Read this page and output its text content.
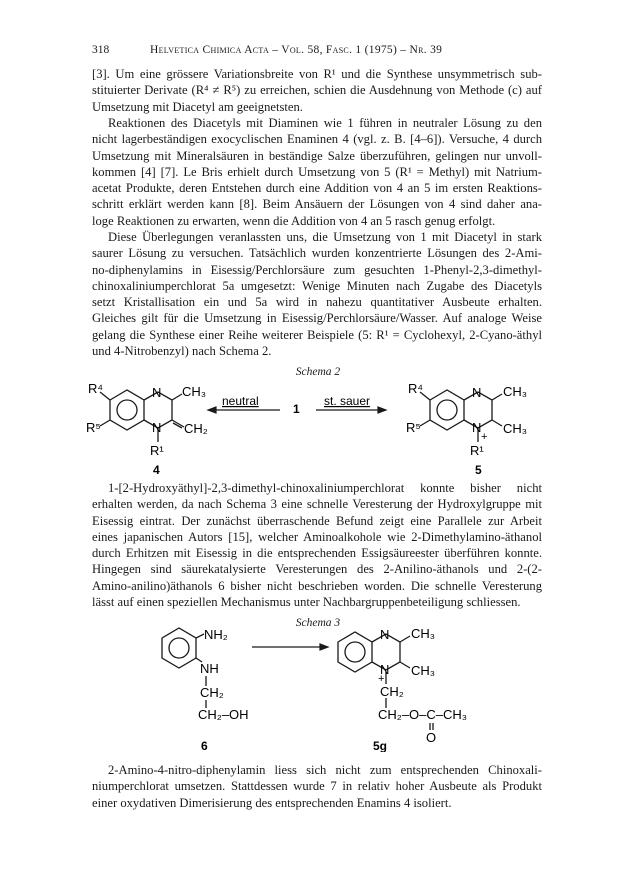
318	Helvetica Chimica Acta – Vol. 58, Fasc. 1 (1975) – Nr. 39
[3]. Um eine grössere Variationsbreite von R¹ und die Synthese unsymmetrisch sub-
stituierter Derivate (R⁴ ≠ R⁵) zu erreichen, schien die Ausdehnung von Methode (c) auf
Umsetzung mit Diacetyl am geeignetsten.
Reaktionen des Diacetyls mit Diaminen wie 1 führen in neutraler Lösung zu den
nicht lagerbeständigen exocyclischen Enaminen 4 (vgl. z. B. [4–6]). Versuche, 4 durch
Umsetzung mit Mineralsäuren in beständige Salze überzuführen, gelingen nur unvoll-
kommen [4] [7]. Le Bris erhielt durch Umsetzung von 5 (R¹ = Methyl) mit Natrium-
acetat Produkte, deren Entstehen durch eine Addition von 4 an 5 im ersten Reaktions-
schritt erklärt werden kann [8]. Beim Ansäuern der Lösungen von 4 sind daher ana-
loge Reaktionen zu erwarten, wenn die Addition von 4 an 5 rasch genug erfolgt.
Diese Überlegungen veranlassten uns, die Umsetzung von 1 mit Diacetyl in stark
saurer Lösung zu versuchen. Tatsächlich wurden konzentrierte Lösungen des 2-Ami-
no-diphenylamins in Eisessig/Perchlorsäure zum gesuchten 1-Phenyl-2,3-dimethyl-
chinoxaliniumperchlorat 5a umgesetzt: Wenige Minuten nach Zugabe des Diacetyls
setzt Kristallisation ein und 5a wird in nahezu quantitativer Ausbeute erhalten.
Gleiches gilt für die Umsetzung in Eisessig/Perchlorsäure/Wasser. Auf analoge Weise
gelang die Synthese einer Reihe weiterer Beispiele (5: R¹ = Cyclohexyl, 2-Cyano-äthyl
und 4-Nitrobenzyl) nach Schema 2.
Schema 2
R⁴
R⁵
N
N
CH₃
CH₂
R¹
4
neutral
1
st. sauer
R⁴
R⁵
N
N
+
CH₃
CH₃
R¹
5
1-[2-Hydroxyäthyl]-2,3-dimethyl-chinoxaliniumperchlorat konnte bisher nicht
erhalten werden, da nach Schema 3 eine schnelle Veresterung der Hydroxylgruppe mit
Eisessig eintrat. Der zunächst überraschende Befund zeigt eine Parallele zur Arbeit
eines japanischen Autors [15], welcher Aminoalkohole wie 2-Dimethylamino-äthanol
durch Erhitzen mit Eisessig in die entsprechenden Essigsäureester überführen konnte.
Hingegen sind säurekatalysierte Veresterungen des 2-Anilino-äthanols und 2-(2-
Amino-anilino)äthanols 6 bisher nicht beschrieben worden. Die schnelle Veresterung
lässt auf einen speziellen Mechanismus unter Nachbargruppenbeteiligung schliessen.
Schema 3
NH₂
NH
CH₂
CH₂–OH
6
N
N
+
CH₃
CH₃
CH₂
CH₂–O–C–CH₃
O
5g
2-Amino-4-nitro-diphenylamin liess sich nicht zum entsprechenden Chinoxali-
niumperchlorat umsetzen. Stattdessen wurde 7 in relativ hoher Ausbeute als Produkt
einer oxydativen Dimerisierung des entsprechenden Enamins 4 isoliert.
